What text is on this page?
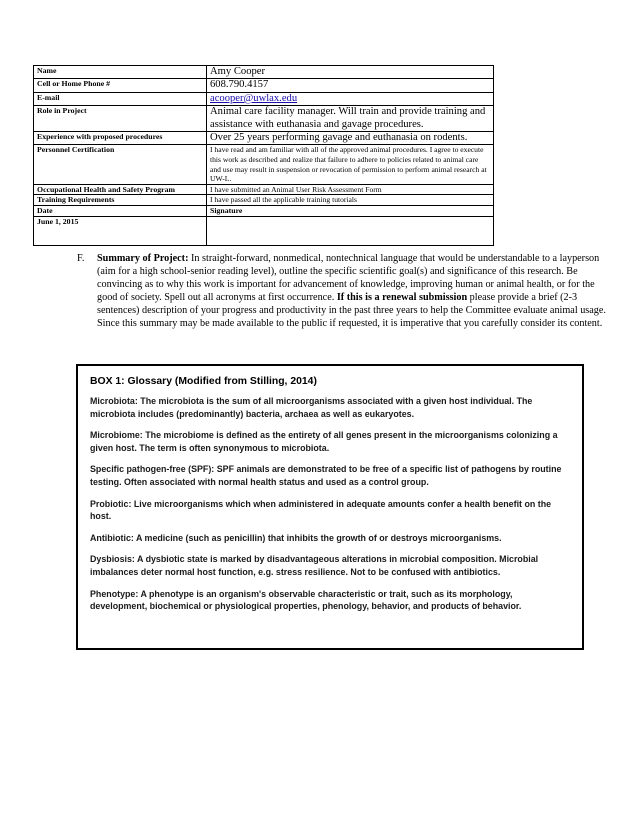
Name	Amy Cooper
Cell or Home Phone #	608.790.4157
E-mail	acooper@uwlax.edu
Role in Project	Animal care facility manager. Will train and provide training and assistance with euthanasia and gavage procedures.
Experience with proposed procedures	Over 25 years performing gavage and euthanasia on rodents.
Personnel Certification	I have read and am familiar with all of the approved animal procedures. I agree to execute this work as described and realize that failure to adhere to policies related to animal care and use may result in suspension or revocation of permission to perform animal research at UW-L.
Occupational Health and Safety Program	I have submitted an Animal User Risk Assessment Form
Training Requirements	I have passed all the applicable training tutorials
Date	Signature
June 1, 2015	
F. Summary of Project: In straight-forward, nonmedical, nontechnical language that would be understandable to a layperson (aim for a high school-senior reading level), outline the specific scientific goal(s) and significance of this research. Be convincing as to why this work is important for advancement of knowledge, improving human or animal health, or for the good of society. Spell out all acronyms at first occurrence. If this is a renewal submission please provide a brief (2-3 sentences) description of your progress and productivity in the past three years to help the Committee evaluate animal usage. Since this summary may be made available to the public if requested, it is imperative that you carefully consider its content.
BOX 1: Glossary (Modified from Stilling, 2014)
Microbiota: The microbiota is the sum of all microorganisms associated with a given host individual. The microbiota includes (predominantly) bacteria, archaea as well as eukaryotes.
Microbiome: The microbiome is defined as the entirety of all genes present in the microorganisms colonizing a given host. The term is often synonymous to microbiota.
Specific pathogen-free (SPF): SPF animals are demonstrated to be free of a specific list of pathogens by routine testing. Often associated with normal health status and used as a control group.
Probiotic: Live microorganisms which when administered in adequate amounts confer a health benefit on the host.
Antibiotic: A medicine (such as penicillin) that inhibits the growth of or destroys microorganisms.
Dysbiosis: A dysbiotic state is marked by disadvantageous alterations in microbial composition. Microbial imbalances deter normal host function, e.g. stress resilience. Not to be confused with antibiotics.
Phenotype: A phenotype is an organism's observable characteristic or trait, such as its morphology, development, biochemical or physiological properties, phenology, behavior, and products of behavior.
